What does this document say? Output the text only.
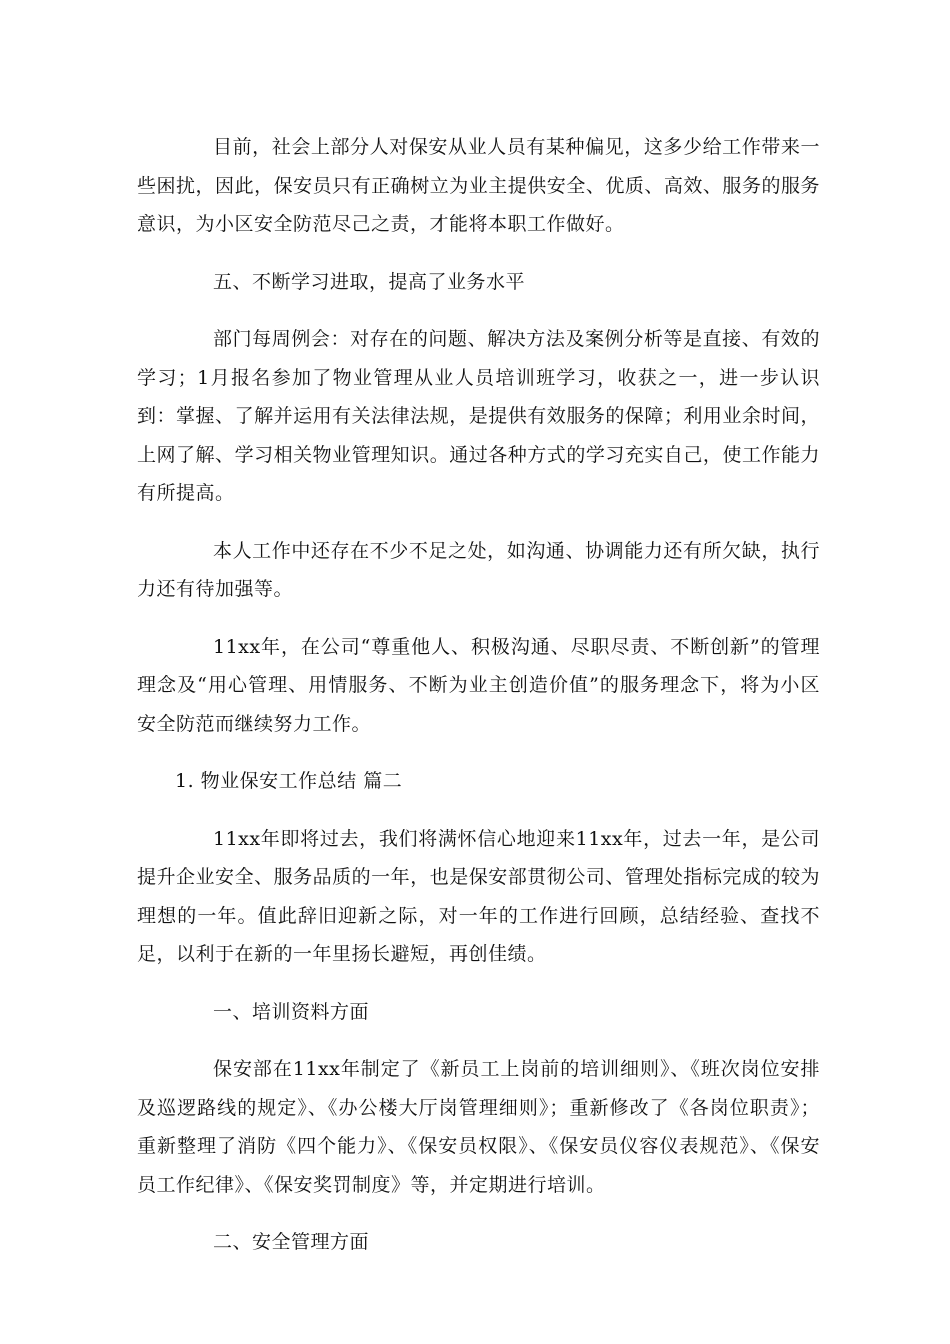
目前，社会上部分人对保安从业人员有某种偏见，这多少给工作带来一些困扰，因此，保安员只有正确树立为业主提供安全、优质、高效、服务的服务意识，为小区安全防范尽己之责，才能将本职工作做好。

五、不断学习进取，提高了业务水平

部门每周例会：对存在的问题、解决方法及案例分析等是直接、有效的学习；1月报名参加了物业管理从业人员培训班学习，收获之一，进一步认识到：掌握、了解并运用有关法律法规，是提供有效服务的保障；利用业余时间，上网了解、学习相关物业管理知识。通过各种方式的学习充实自己，使工作能力有所提高。

本人工作中还存在不少不足之处，如沟通、协调能力还有所欠缺，执行力还有待加强等。

11xx年，在公司“尊重他人、积极沟通、尽职尽责、不断创新”的管理理念及“用心管理、用情服务、不断为业主创造价值”的服务理念下，将为小区安全防范而继续努力工作。

1. 物业保安工作总结 篇二

11xx年即将过去，我们将满怀信心地迎来11xx年，过去一年，是公司提升企业安全、服务品质的一年，也是保安部贯彻公司、管理处指标完成的较为理想的一年。值此辞旧迎新之际，对一年的工作进行回顾，总结经验、查找不足，以利于在新的一年里扬长避短，再创佳绩。

一、培训资料方面

保安部在11xx年制定了《新员工上岗前的培训细则》、《班次岗位安排及巡逻路线的规定》、《办公楼大厅岗管理细则》；重新修改了《各岗位职责》；重新整理了消防《四个能力》、《保安员权限》、《保安员仪容仪表规范》、《保安员工作纪律》、《保安奖罚制度》等，并定期进行培训。

二、安全管理方面
